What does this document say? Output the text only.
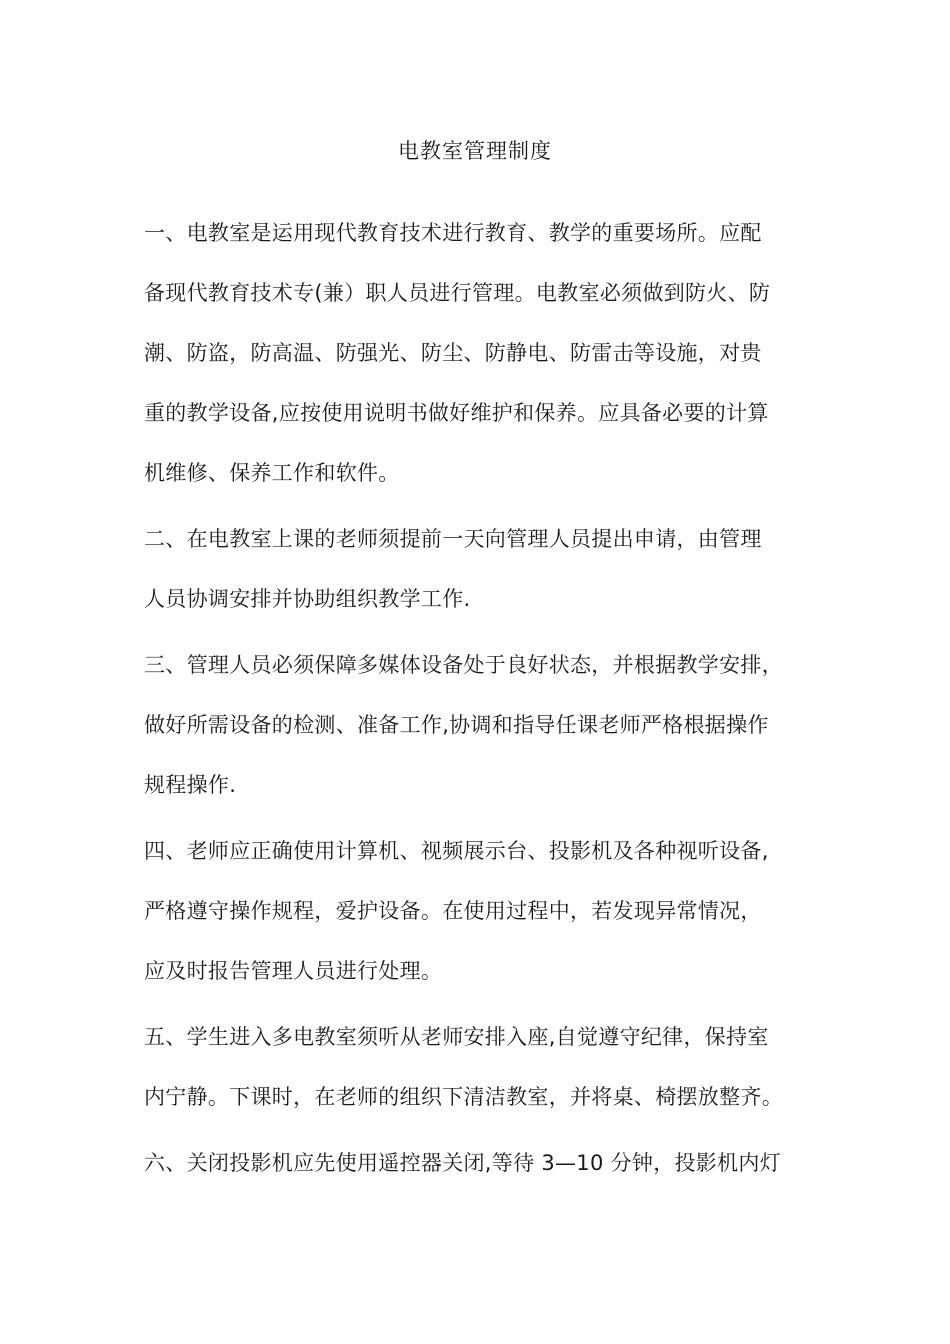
电教室管理制度
一、电教室是运用现代教育技术进行教育、教学的重要场所。应配
备现代教育技术专(兼）职人员进行管理。电教室必须做到防火、防
潮、防盗，防高温、防强光、防尘、防静电、防雷击等设施，对贵
重的教学设备,应按使用说明书做好维护和保养。应具备必要的计算
机维修、保养工作和软件。
二、在电教室上课的老师须提前一天向管理人员提出申请，由管理
人员协调安排并协助组织教学工作.
三、管理人员必须保障多媒体设备处于良好状态，并根据教学安排，
做好所需设备的检测、准备工作,协调和指导任课老师严格根据操作
规程操作.
四、老师应正确使用计算机、视频展示台、投影机及各种视听设备,
严格遵守操作规程，爱护设备。在使用过程中，若发现异常情况，
应及时报告管理人员进行处理。
五、学生进入多电教室须听从老师安排入座,自觉遵守纪律，保持室
内宁静。下课时，在老师的组织下清洁教室，并将桌、椅摆放整齐。
六、关闭投影机应先使用遥控器关闭,等待 3—10 分钟，投影机内灯
